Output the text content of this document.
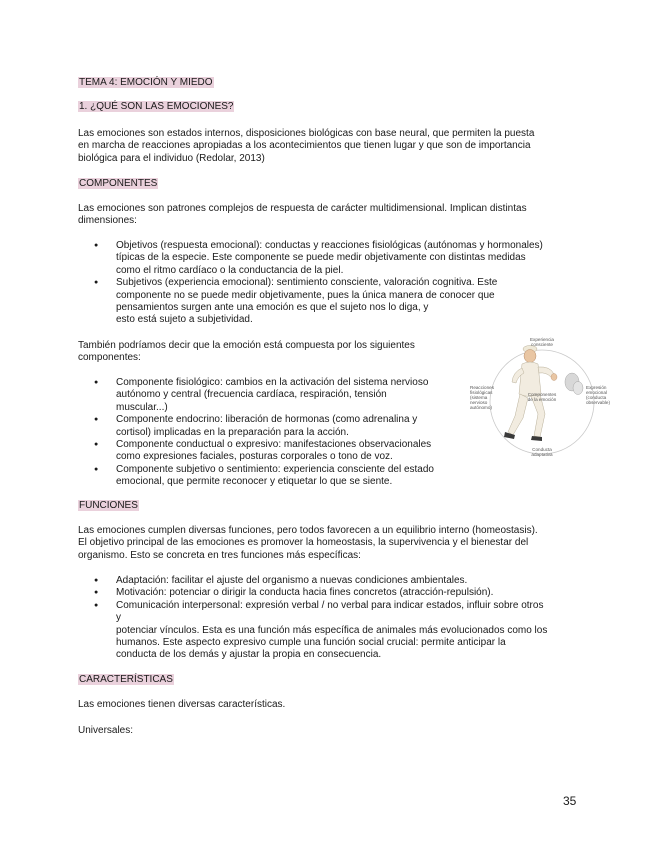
TEMA 4: EMOCIÓN Y MIEDO
1. ¿QUÉ SON LAS EMOCIONES?
Las emociones son estados internos, disposiciones biológicas con base neural, que permiten la puesta
en marcha de reacciones apropiadas a los acontecimientos que tienen lugar y que son de importancia
biológica para el individuo (Redolar, 2013)
COMPONENTES
Las emociones son patrones complejos de respuesta de carácter multidimensional. Implican distintas
dimensiones:
● Objetivos (respuesta emocional): conductas y reacciones fisiológicas (autónomas y hormonales)
típicas de la especie. Este componente se puede medir objetivamente con distintas medidas
como el ritmo cardíaco o la conductancia de la piel.
● Subjetivos (experiencia emocional): sentimiento consciente, valoración cognitiva. Este
componente no se puede medir objetivamente, pues la única manera de conocer que
pensamientos surgen ante una emoción es que el sujeto nos lo diga, y
esto está sujeto a subjetividad.
También podríamos decir que la emoción está compuesta por los siguientes
componentes:
● Componente fisiológico: cambios en la activación del sistema nervioso
autónomo y central (frecuencia cardíaca, respiración, tensión
muscular...)
● Componente endocrino: liberación de hormonas (como adrenalina y
cortisol) implicadas en la preparación para la acción.
● Componente conductual o expresivo: manifestaciones observacionales
como expresiones faciales, posturas corporales o tono de voz.
● Componente subjetivo o sentimiento: experiencia consciente del estado
emocional, que permite reconocer y etiquetar lo que se siente.
Experiencia
consciente
Reacciones
fisiológicas
(sistema
nervioso
autónomo)
Componentes
de la emoción
Expresión
emocional
(conducta
observable)
Conducta
adaptativa
FUNCIONES
Las emociones cumplen diversas funciones, pero todos favorecen a un equilibrio interno (homeostasis).
El objetivo principal de las emociones es promover la homeostasis, la supervivencia y el bienestar del
organismo. Esto se concreta en tres funciones más específicas:
● Adaptación: facilitar el ajuste del organismo a nuevas condiciones ambientales.
● Motivación: potenciar o dirigir la conducta hacia fines concretos (atracción-repulsión).
● Comunicación interpersonal: expresión verbal / no verbal para indicar estados, influir sobre otros
y
potenciar vínculos. Esta es una función más específica de animales más evolucionados como los
humanos. Este aspecto expresivo cumple una función social crucial: permite anticipar la
conducta de los demás y ajustar la propia en consecuencia.
CARACTERÍSTICAS
Las emociones tienen diversas características.
Universales:
35
